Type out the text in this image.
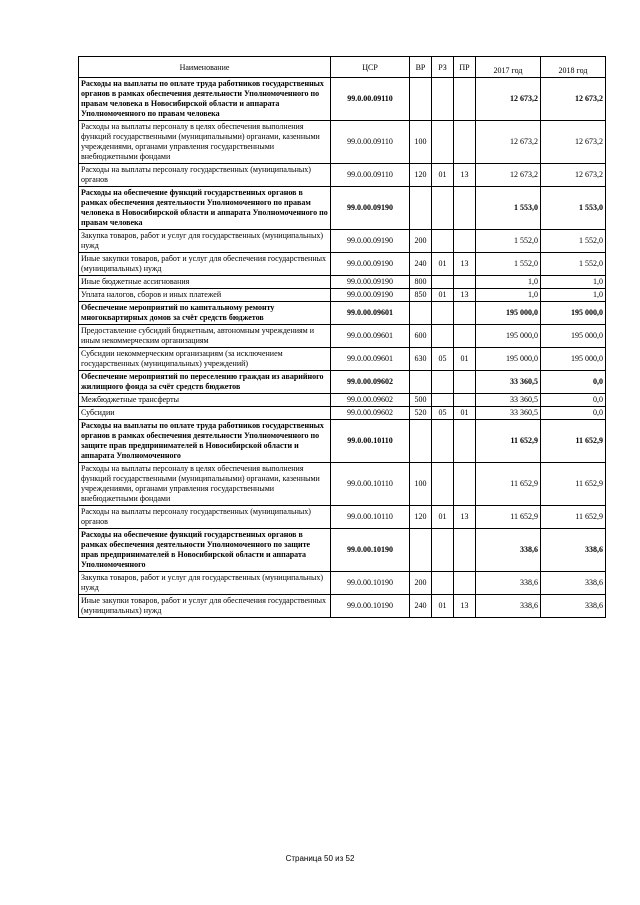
Наименование	ЦСР	ВР	РЗ	ПР	2017 год	2018 год
Расходы на выплаты по оплате труда работников государственных органов в рамках обеспечения деятельности Уполномоченного по правам человека в Новосибирской области и аппарата Уполномоченного по правам человека	99.0.00.09110				12 673,2	12 673,2
Расходы на выплаты персоналу в целях обеспечения выполнения функций государственными (муниципальными) органами, казенными учреждениями, органами управления государственными внебюджетными фондами	99.0.00.09110	100			12 673,2	12 673,2
Расходы на выплаты персоналу государственных (муниципальных) органов	99.0.00.09110	120	01	13	12 673,2	12 673,2
Расходы на обеспечение функций государственных органов в рамках обеспечения деятельности Уполномоченного по правам человека в Новосибирской области и аппарата Уполномоченного по правам человека	99.0.00.09190				1 553,0	1 553,0
Закупка товаров, работ и услуг для государственных (муниципальных) нужд	99.0.00.09190	200			1 552,0	1 552,0
Иные закупки товаров, работ и услуг для обеспечения государственных (муниципальных) нужд	99.0.00.09190	240	01	13	1 552,0	1 552,0
Иные бюджетные ассигнования	99.0.00.09190	800			1,0	1,0
Уплата налогов, сборов и иных платежей	99.0.00.09190	850	01	13	1,0	1,0
Обеспечение мероприятий по капитальному ремонту многоквартирных домов за счёт средств бюджетов	99.0.00.09601				195 000,0	195 000,0
Предоставление субсидий бюджетным, автономным учреждениям и иным некоммерческим организациям	99.0.00.09601	600			195 000,0	195 000,0
Субсидии некоммерческим организациям (за исключением государственных (муниципальных) учреждений)	99.0.00.09601	630	05	01	195 000,0	195 000,0
Обеспечение мероприятий по переселению граждан из аварийного жилищного фонда за счёт средств бюджетов	99.0.00.09602				33 360,5	0,0
Межбюджетные трансферты	99.0.00.09602	500			33 360,5	0,0
Субсидии	99.0.00.09602	520	05	01	33 360,5	0,0
Расходы на выплаты по оплате труда работников государственных органов в рамках обеспечения деятельности Уполномоченного по защите прав предпринимателей в Новосибирской области и аппарата Уполномоченного	99.0.00.10110				11 652,9	11 652,9
Расходы на выплаты персоналу в целях обеспечения выполнения функций государственными (муниципальными) органами, казенными учреждениями, органами управления государственными внебюджетными фондами	99.0.00.10110	100			11 652,9	11 652,9
Расходы на выплаты персоналу государственных (муниципальных) органов	99.0.00.10110	120	01	13	11 652,9	11 652,9
Расходы на обеспечение функций государственных органов в рамках обеспечения деятельности Уполномоченного по защите прав предпринимателей в Новосибирской области и аппарата Уполномоченного	99.0.00.10190				338,6	338,6
Закупка товаров, работ и услуг для государственных (муниципальных) нужд	99.0.00.10190	200			338,6	338,6
Иные закупки товаров, работ и услуг для обеспечения государственных (муниципальных) нужд	99.0.00.10190	240	01	13	338,6	338,6
Страница 50 из 52
